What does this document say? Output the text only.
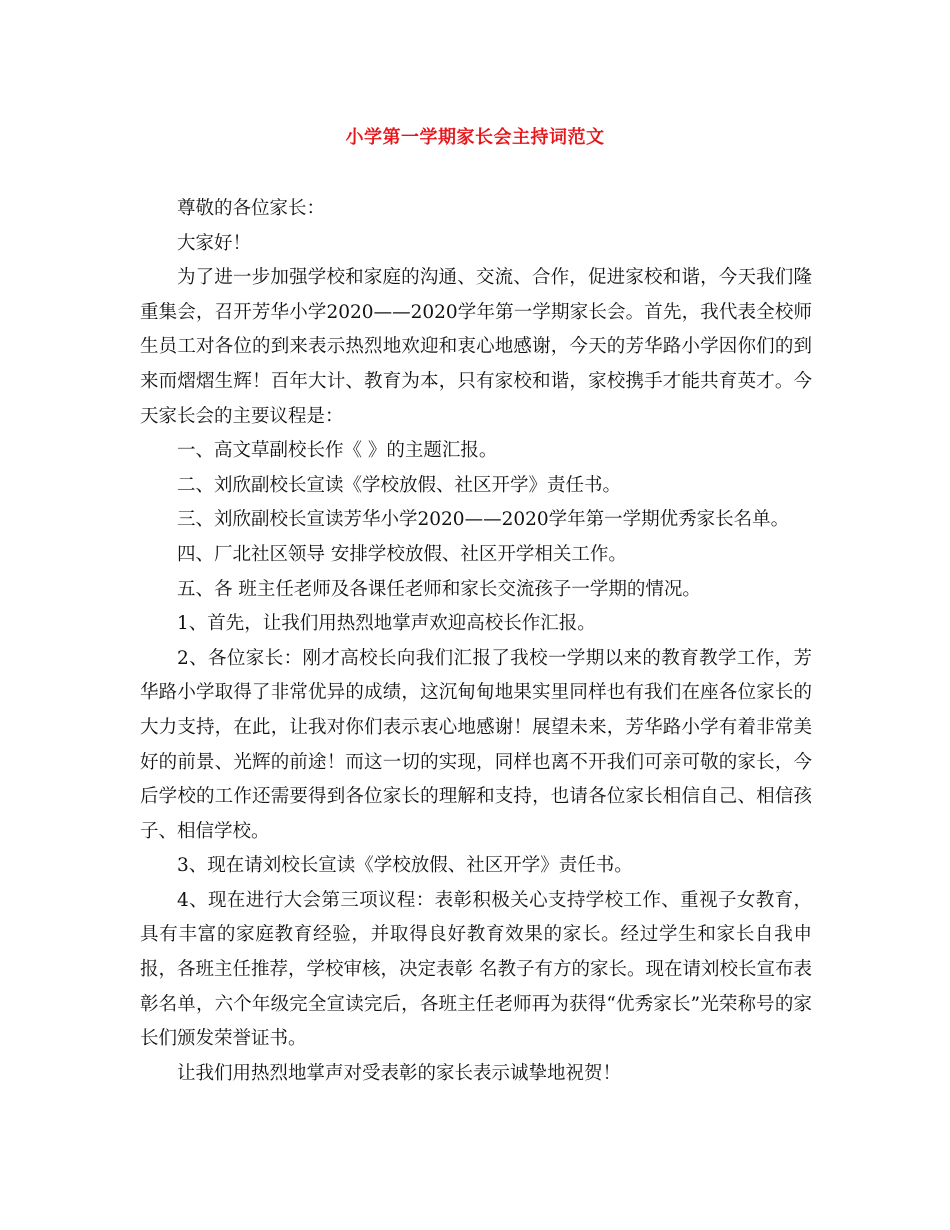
小学第一学期家长会主持词范文

尊敬的各位家长：

大家好！

为了进一步加强学校和家庭的沟通、交流、合作，促进家校和谐，今天我们隆重集会，召开芳华小学2020——2020学年第一学期家长会。首先，我代表全校师生员工对各位的到来表示热烈地欢迎和衷心地感谢，今天的芳华路小学因你们的到来而熠熠生辉！百年大计、教育为本，只有家校和谐，家校携手才能共育英才。今天家长会的主要议程是：

一、高文草副校长作《 》的主题汇报。

二、刘欣副校长宣读《学校放假、社区开学》责任书。

三、刘欣副校长宣读芳华小学2020——2020学年第一学期优秀家长名单。

四、厂北社区领导 安排学校放假、社区开学相关工作。

五、各 班主任老师及各课任老师和家长交流孩子一学期的情况。

1、首先，让我们用热烈地掌声欢迎高校长作汇报。

2、各位家长：刚才高校长向我们汇报了我校一学期以来的教育教学工作，芳华路小学取得了非常优异的成绩，这沉甸甸地果实里同样也有我们在座各位家长的大力支持，在此，让我对你们表示衷心地感谢！展望未来，芳华路小学有着非常美好的前景、光辉的前途！而这一切的实现，同样也离不开我们可亲可敬的家长，今后学校的工作还需要得到各位家长的理解和支持，也请各位家长相信自己、相信孩子、相信学校。

3、现在请刘校长宣读《学校放假、社区开学》责任书。

4、现在进行大会第三项议程：表彰积极关心支持学校工作、重视子女教育，具有丰富的家庭教育经验，并取得良好教育效果的家长。经过学生和家长自我申报，各班主任推荐，学校审核，决定表彰 名教子有方的家长。现在请刘校长宣布表彰名单，六个年级完全宣读完后，各班主任老师再为获得“优秀家长”光荣称号的家长们颁发荣誉证书。

让我们用热烈地掌声对受表彰的家长表示诚挚地祝贺！
